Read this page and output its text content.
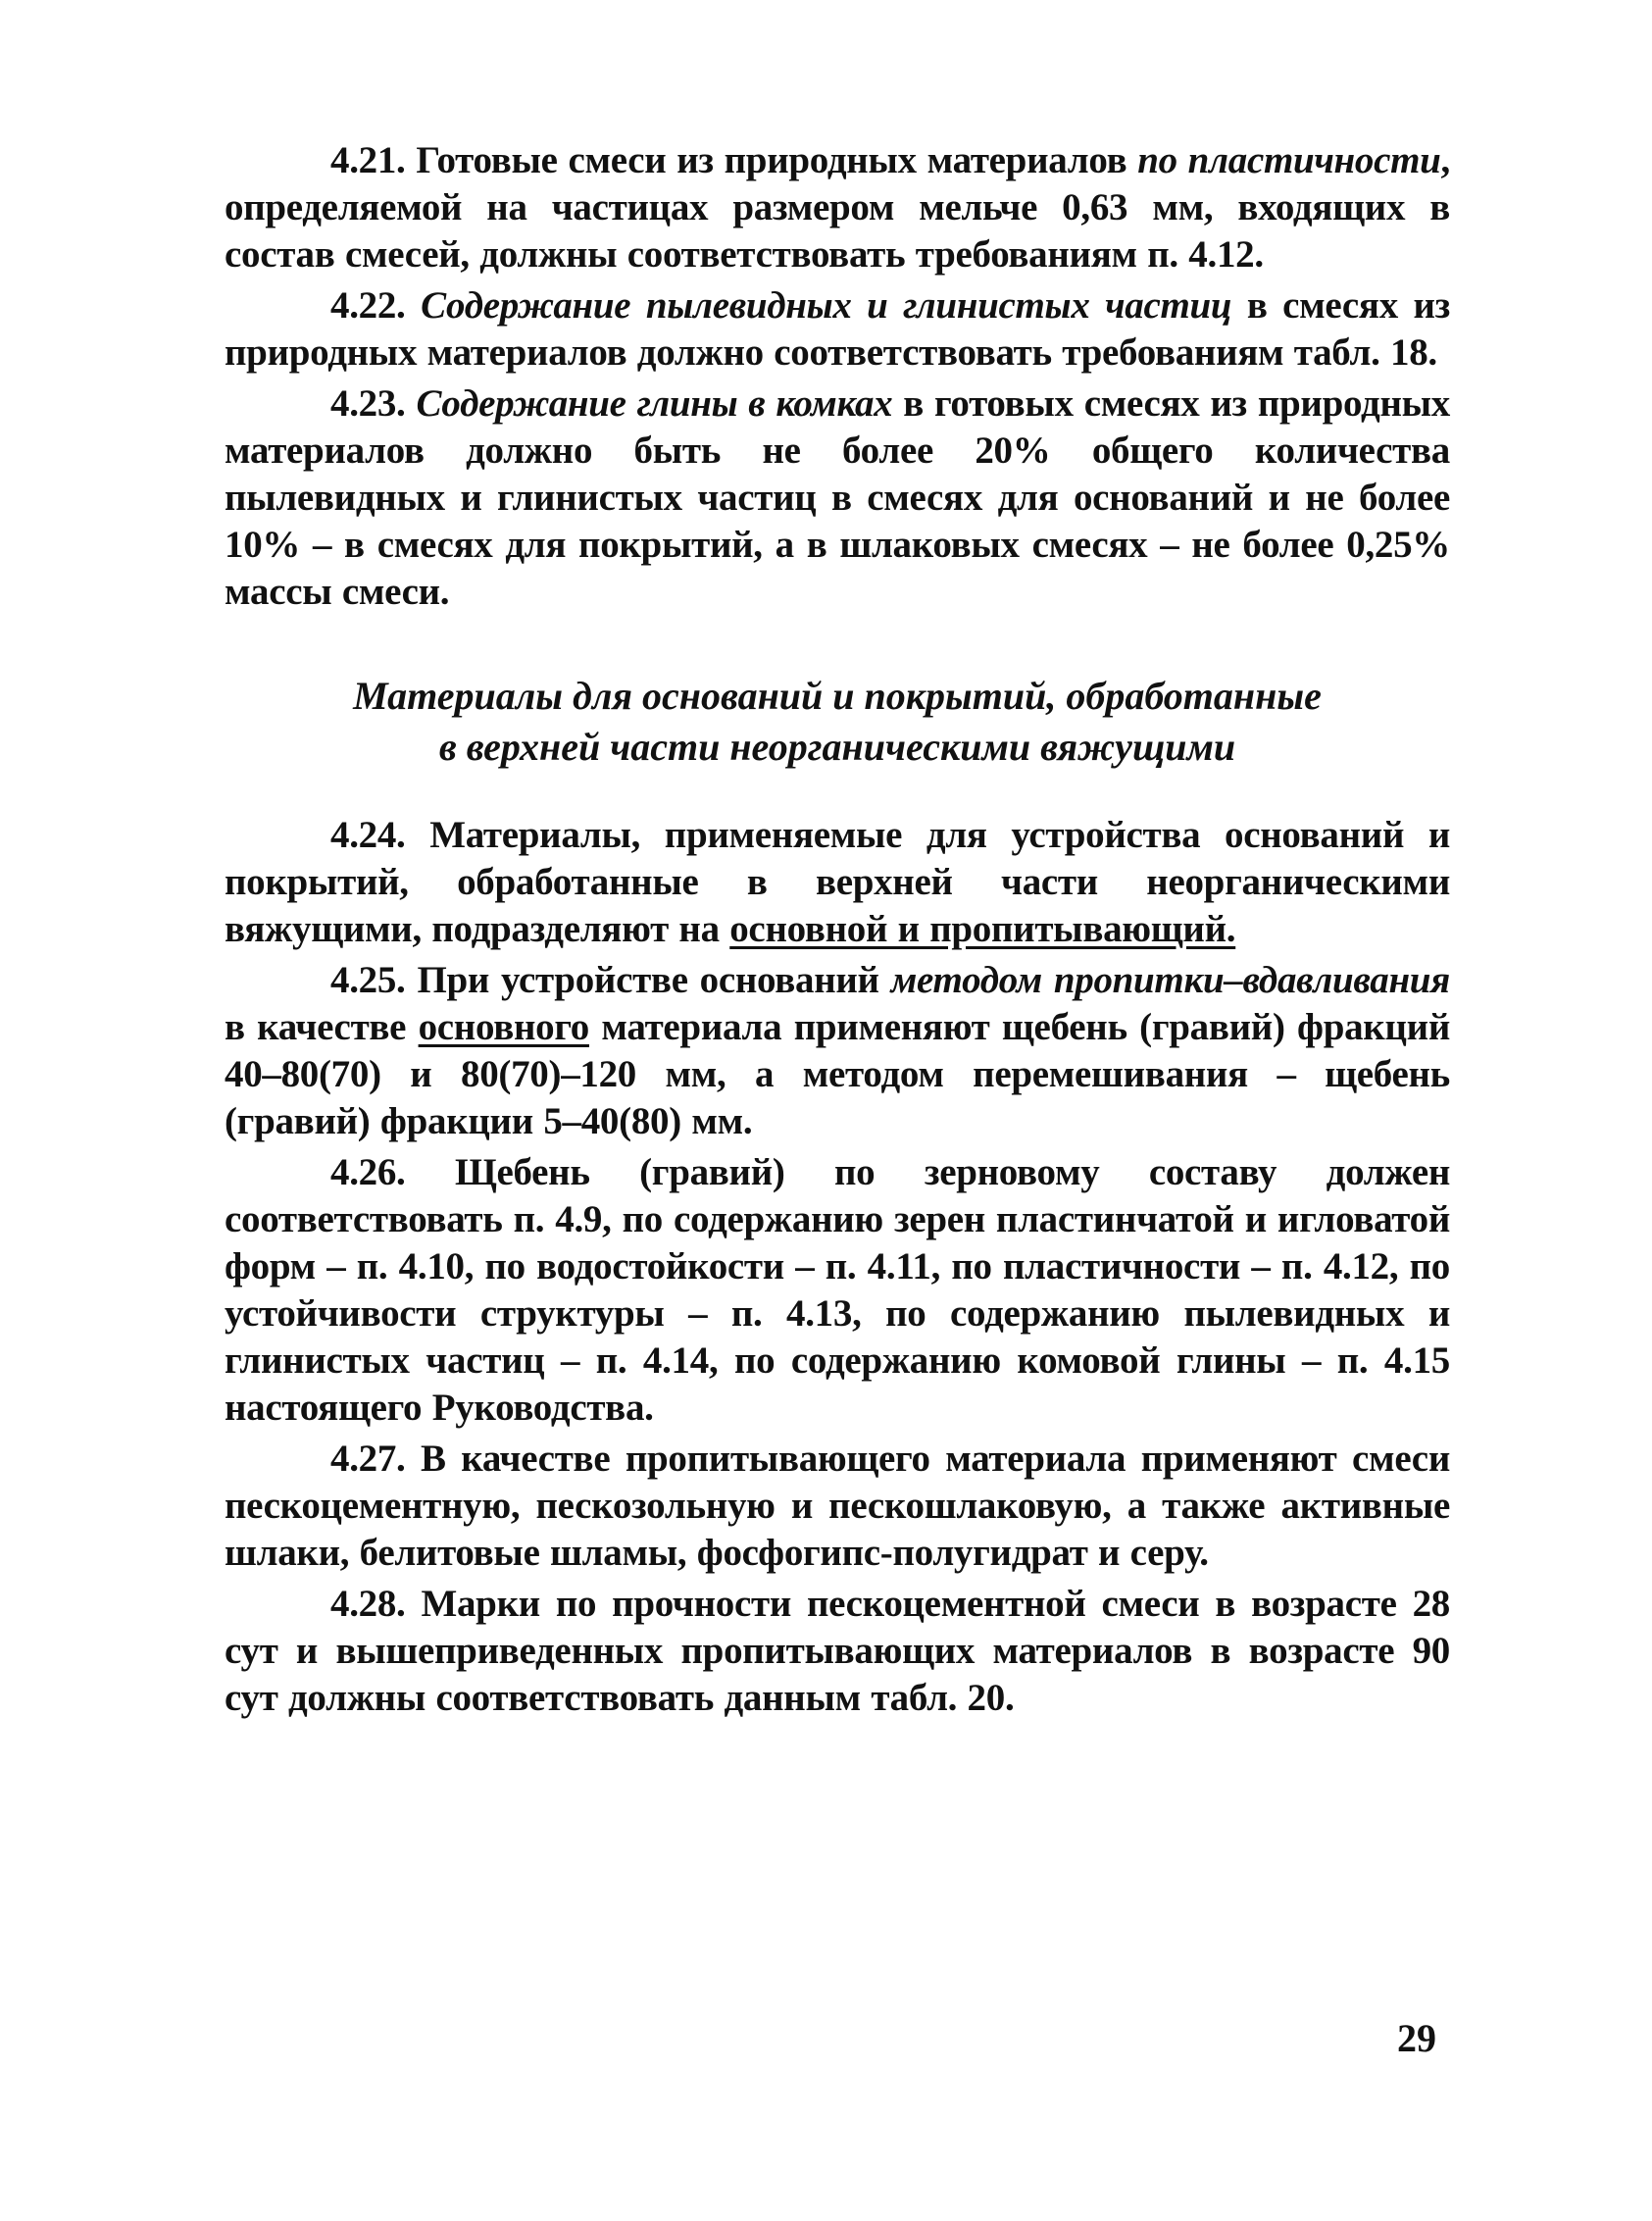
4.21. Готовые смеси из природных материалов по пластичности, определяемой на частицах размером мельче 0,63 мм, входящих в состав смесей, должны соответствовать требованиям п. 4.12.

4.22. Содержание пылевидных и глинистых частиц в смесях из природных материалов должно соответствовать требованиям табл. 18.

4.23. Содержание глины в комках в готовых смесях из природных материалов должно быть не более 20% общего количества пылевидных и глинистых частиц в смесях для оснований и не более 10% – в смесях для покрытий, а в шлаковых смесях – не более 0,25% массы смеси.

Материалы для оснований и покрытий, обработанные
в верхней части неорганическими вяжущими

4.24. Материалы, применяемые для устройства оснований и покрытий, обработанные в верхней части неорганическими вяжущими, подразделяют на основной и пропитывающий.

4.25. При устройстве оснований методом пропитки–вдавливания в качестве основного материала применяют щебень (гравий) фракций 40–80(70) и 80(70)–120 мм, а методом перемешивания – щебень (гравий) фракции 5–40(80) мм.

4.26. Щебень (гравий) по зерновому составу должен соответствовать п. 4.9, по содержанию зерен пластинчатой и игловатой форм – п. 4.10, по водостойкости – п. 4.11, по пластичности – п. 4.12, по устойчивости структуры – п. 4.13, по содержанию пылевидных и глинистых частиц – п. 4.14, по содержанию комовой глины – п. 4.15 настоящего Руководства.

4.27. В качестве пропитывающего материала применяют смеси пескоцементную, пескозольную и пескошлаковую, а также активные шлаки, белитовые шламы, фосфогипс-полугидрат и серу.

4.28. Марки по прочности пескоцементной смеси в возрасте 28 сут и вышеприведенных пропитывающих материалов в возрасте 90 сут должны соответствовать данным табл. 20.

29
